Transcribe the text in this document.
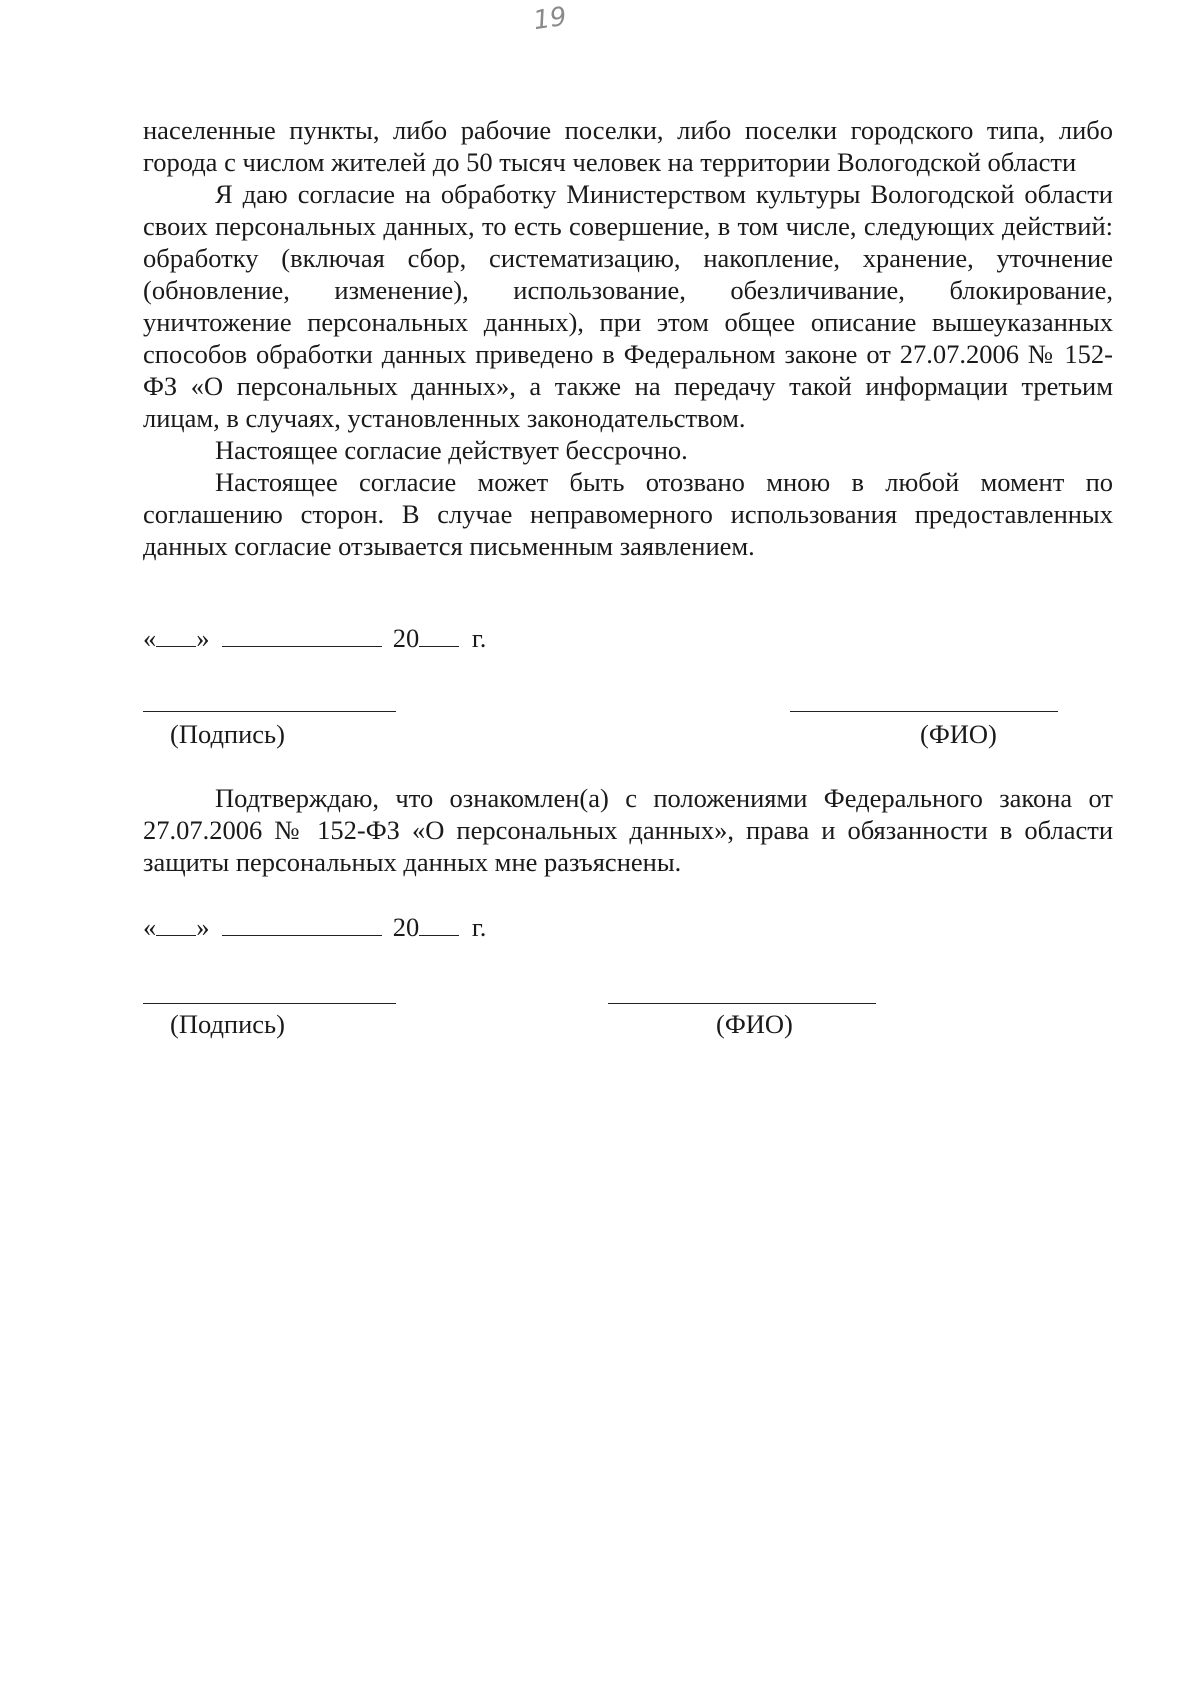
19

населенные пункты, либо рабочие поселки, либо поселки городского типа, либо города с числом жителей до 50 тысяч человек на территории Вологодской области

Я даю согласие на обработку Министерством культуры Вологодской области своих персональных данных, то есть совершение, в том числе, следующих действий: обработку (включая сбор, систематизацию, накопление, хранение, уточнение (обновление, изменение), использование, обезличивание, блокирование, уничтожение персональных данных), при этом общее описание вышеуказанных способов обработки данных приведено в Федеральном законе от 27.07.2006 № 152-ФЗ «О персональных данных», а также на передачу такой информации третьим лицам, в случаях, установленных законодательством.

Настоящее согласие действует бессрочно.

Настоящее согласие может быть отозвано мною в любой момент по соглашению сторон. В случае неправомерного использования предоставленных данных согласие отзывается письменным заявлением.

« »	20 г.
(Подпись)	(ФИО)

Подтверждаю, что ознакомлен(а) с положениями Федерального закона от 27.07.2006 № 152-ФЗ «О персональных данных», права и обязанности в области защиты персональных данных мне разъяснены.

« »	20 г.
(Подпись)	(ФИО)
